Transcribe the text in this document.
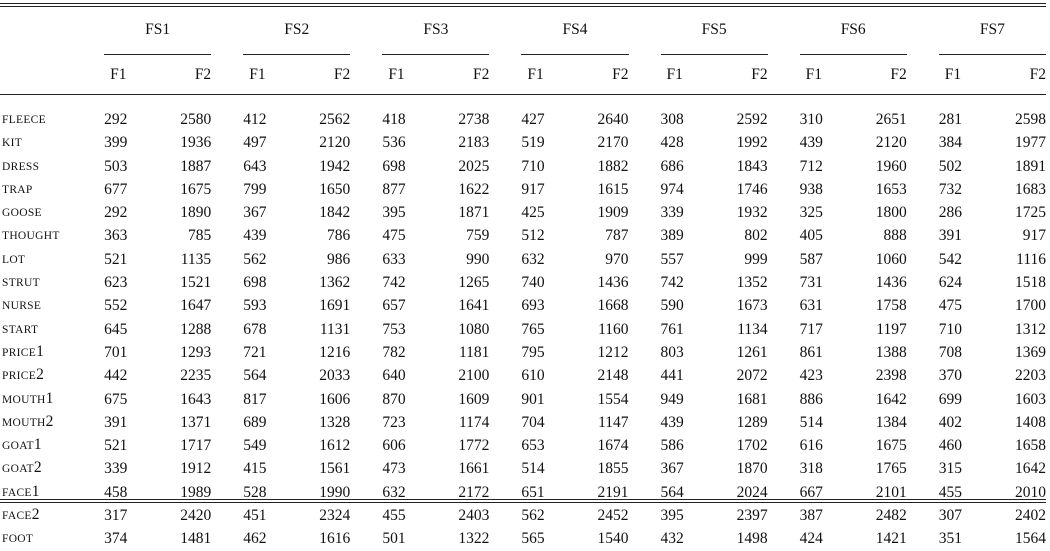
	FS1			FS2			FS3			FS4			FS5			FS6			FS7	

	F1	F2		F1	F2		F1	F2		F1	F2		F1	F2		F1	F2		F1	F2

FLEECE	292	2580		412	2562		418	2738		427	2640		308	2592		310	2651		281	2598
KIT	399	1936		497	2120		536	2183		519	2170		428	1992		439	2120		384	1977
DRESS	503	1887		643	1942		698	2025		710	1882		686	1843		712	1960		502	1891
TRAP	677	1675		799	1650		877	1622		917	1615		974	1746		938	1653		732	1683
GOOSE	292	1890		367	1842		395	1871		425	1909		339	1932		325	1800		286	1725
THOUGHT	363	785		439	786		475	759		512	787		389	802		405	888		391	917
LOT	521	1135		562	986		633	990		632	970		557	999		587	1060		542	1116
STRUT	623	1521		698	1362		742	1265		740	1436		742	1352		731	1436		624	1518
NURSE	552	1647		593	1691		657	1641		693	1668		590	1673		631	1758		475	1700
START	645	1288		678	1131		753	1080		765	1160		761	1134		717	1197		710	1312
PRICE1	701	1293		721	1216		782	1181		795	1212		803	1261		861	1388		708	1369
PRICE2	442	2235		564	2033		640	2100		610	2148		441	2072		423	2398		370	2203
MOUTH1	675	1643		817	1606		870	1609		901	1554		949	1681		886	1642		699	1603
MOUTH2	391	1371		689	1328		723	1174		704	1147		439	1289		514	1384		402	1408
GOAT1	521	1717		549	1612		606	1772		653	1674		586	1702		616	1675		460	1658
GOAT2	339	1912		415	1561		473	1661		514	1855		367	1870		318	1765		315	1642
FACE1	458	1989		528	1990		632	2172		651	2191		564	2024		667	2101		455	2010
FACE2	317	2420		451	2324		455	2403		562	2452		395	2397		387	2482		307	2402
FOOT	374	1481		462	1616		501	1322		565	1540		432	1498		424	1421		351	1564
